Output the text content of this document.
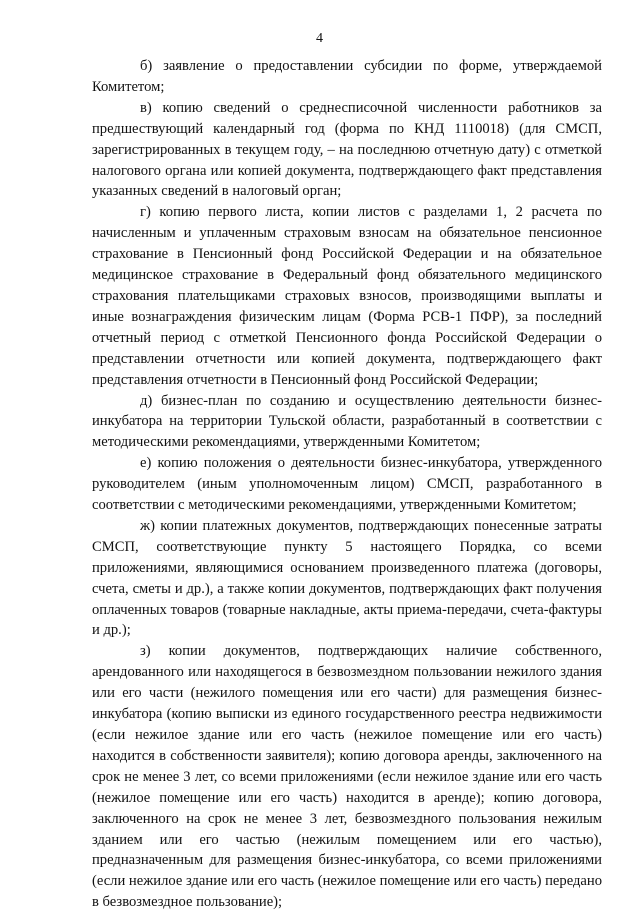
4

б) заявление о предоставлении субсидии по форме, утверждаемой Комитетом;

в) копию сведений о среднесписочной численности работников за предшествующий календарный год (форма по КНД 1110018) (для СМСП, зарегистрированных в текущем году, – на последнюю отчетную дату) с отметкой налогового органа или копией документа, подтверждающего факт представления указанных сведений в налоговый орган;

г) копию первого листа, копии листов с разделами 1, 2 расчета по начисленным и уплаченным страховым взносам на обязательное пенсионное страхование в Пенсионный фонд Российской Федерации и на обязательное медицинское страхование в Федеральный фонд обязательного медицинского страхования плательщиками страховых взносов, производящими выплаты и иные вознаграждения физическим лицам (Форма РСВ-1 ПФР), за последний отчетный период с отметкой Пенсионного фонда Российской Федерации о представлении отчетности или копией документа, подтверждающего факт представления отчетности в Пенсионный фонд Российской Федерации;

д) бизнес-план по созданию и осуществлению деятельности бизнес-инкубатора на территории Тульской области, разработанный в соответствии с методическими рекомендациями, утвержденными Комитетом;

е) копию положения о деятельности бизнес-инкубатора, утвержденного руководителем (иным уполномоченным лицом) СМСП, разработанного в соответствии с методическими рекомендациями, утвержденными Комитетом;

ж) копии платежных документов, подтверждающих понесенные затраты СМСП, соответствующие пункту 5 настоящего Порядка, со всеми приложениями, являющимися основанием произведенного платежа (договоры, счета, сметы и др.), а также копии документов, подтверждающих факт получения оплаченных товаров (товарные накладные, акты приема-передачи, счета-фактуры и др.);

з) копии документов, подтверждающих наличие собственного, арендованного или находящегося в безвозмездном пользовании нежилого здания или его части (нежилого помещения или его части) для размещения бизнес-инкубатора (копию выписки из единого государственного реестра недвижимости (если нежилое здание или его часть (нежилое помещение или его часть) находится в собственности заявителя); копию договора аренды, заключенного на срок не менее 3 лет, со всеми приложениями (если нежилое здание или его часть (нежилое помещение или его часть) находится в аренде); копию договора, заключенного на срок не менее 3 лет, безвозмездного пользования нежилым зданием или его частью (нежилым помещением или его частью), предназначенным для размещения бизнес-инкубатора, со всеми приложениями (если нежилое здание или его часть (нежилое помещение или его часть) передано в безвозмездное пользование);
